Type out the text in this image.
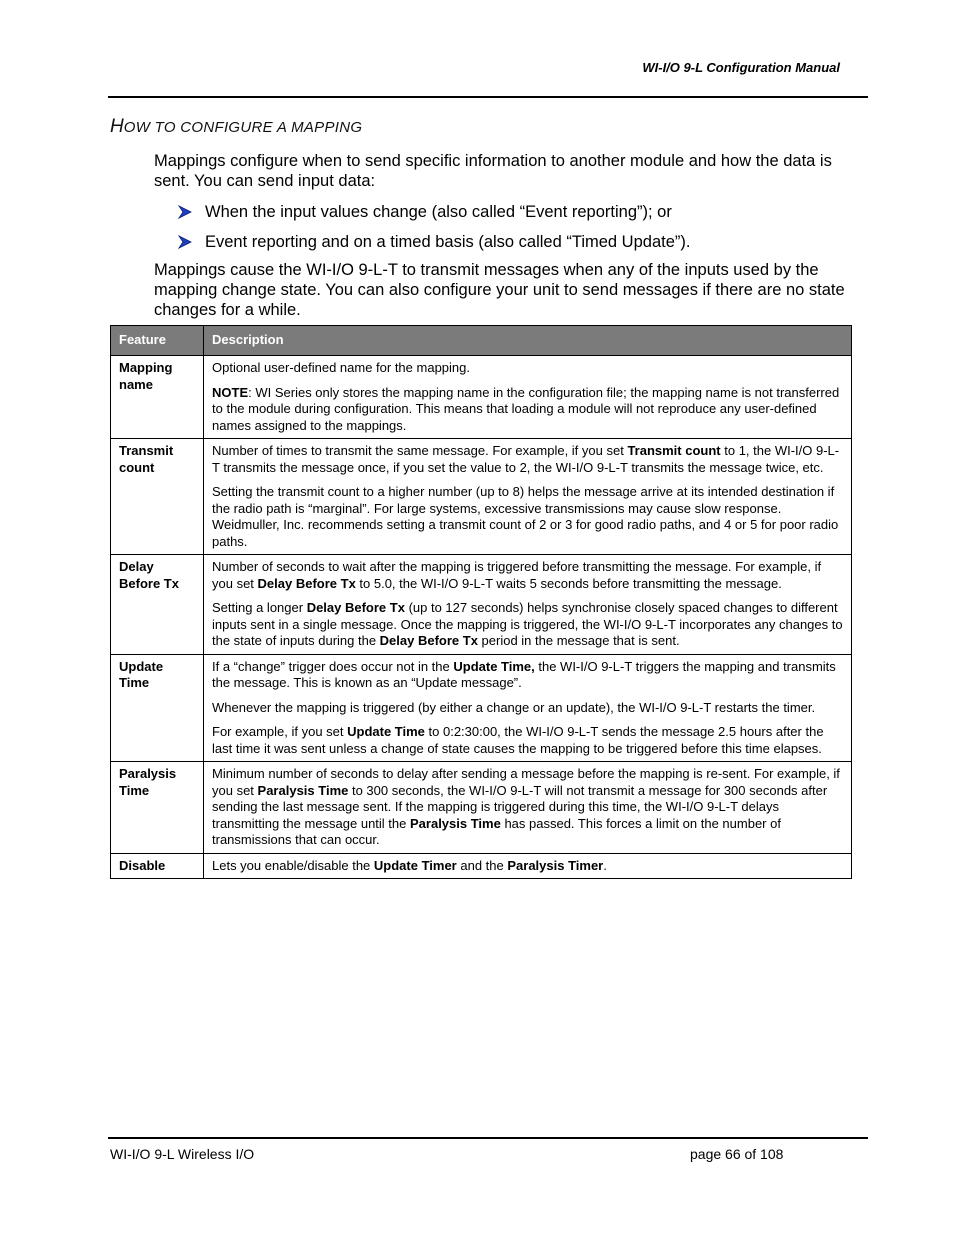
WI-I/O 9-L Configuration Manual
HOW TO CONFIGURE A MAPPING
Mappings configure when to send specific information to another module and how the data is sent. You can send input data:
When the input values change (also called “Event reporting”); or
Event reporting and on a timed basis (also called “Timed Update”).
Mappings cause the WI-I/O 9-L-T to transmit messages when any of the inputs used by the mapping change state. You can also configure your unit to send messages if there are no state changes for a while.
Feature	Description
Mapping name	Optional user-defined name for the mapping.

NOTE: WI Series only stores the mapping name in the configuration file; the mapping name is not transferred to the module during configuration. This means that loading a module will not reproduce any user-defined names assigned to the mappings.

Transmit count	Number of times to transmit the same message. For example, if you set Transmit count to 1, the WI-I/O 9-L-T transmits the message once, if you set the value to 2, the WI-I/O 9-L-T transmits the message twice, etc.

Setting the transmit count to a higher number (up to 8) helps the message arrive at its intended destination if the radio path is “marginal”. For large systems, excessive transmissions may cause slow response. Weidmuller, Inc. recommends setting a transmit count of 2 or 3 for good radio paths, and 4 or 5 for poor radio paths.

Delay Before Tx	Number of seconds to wait after the mapping is triggered before transmitting the message. For example, if you set Delay Before Tx to 5.0, the WI-I/O 9-L-T waits 5 seconds before transmitting the message.

Setting a longer Delay Before Tx (up to 127 seconds) helps synchronise closely spaced changes to different inputs sent in a single message. Once the mapping is triggered, the WI-I/O 9-L-T incorporates any changes to the state of inputs during the Delay Before Tx period in the message that is sent.

Update Time	If a “change” trigger does occur not in the Update Time, the WI-I/O 9-L-T triggers the mapping and transmits the message. This is known as an “Update message”.

Whenever the mapping is triggered (by either a change or an update), the WI-I/O 9-L-T restarts the timer.

For example, if you set Update Time to 0:2:30:00, the WI-I/O 9-L-T sends the message 2.5 hours after the last time it was sent unless a change of state causes the mapping to be triggered before this time elapses.

Paralysis Time	Minimum number of seconds to delay after sending a message before the mapping is re-sent. For example, if you set Paralysis Time to 300 seconds, the WI-I/O 9-L-T will not transmit a message for 300 seconds after sending the last message sent. If the mapping is triggered during this time, the WI-I/O 9-L-T delays transmitting the message until the Paralysis Time has passed. This forces a limit on the number of transmissions that can occur.

Disable	Lets you enable/disable the Update Timer and the Paralysis Timer.

WI-I/O 9-L Wireless I/O	page 66 of 108
